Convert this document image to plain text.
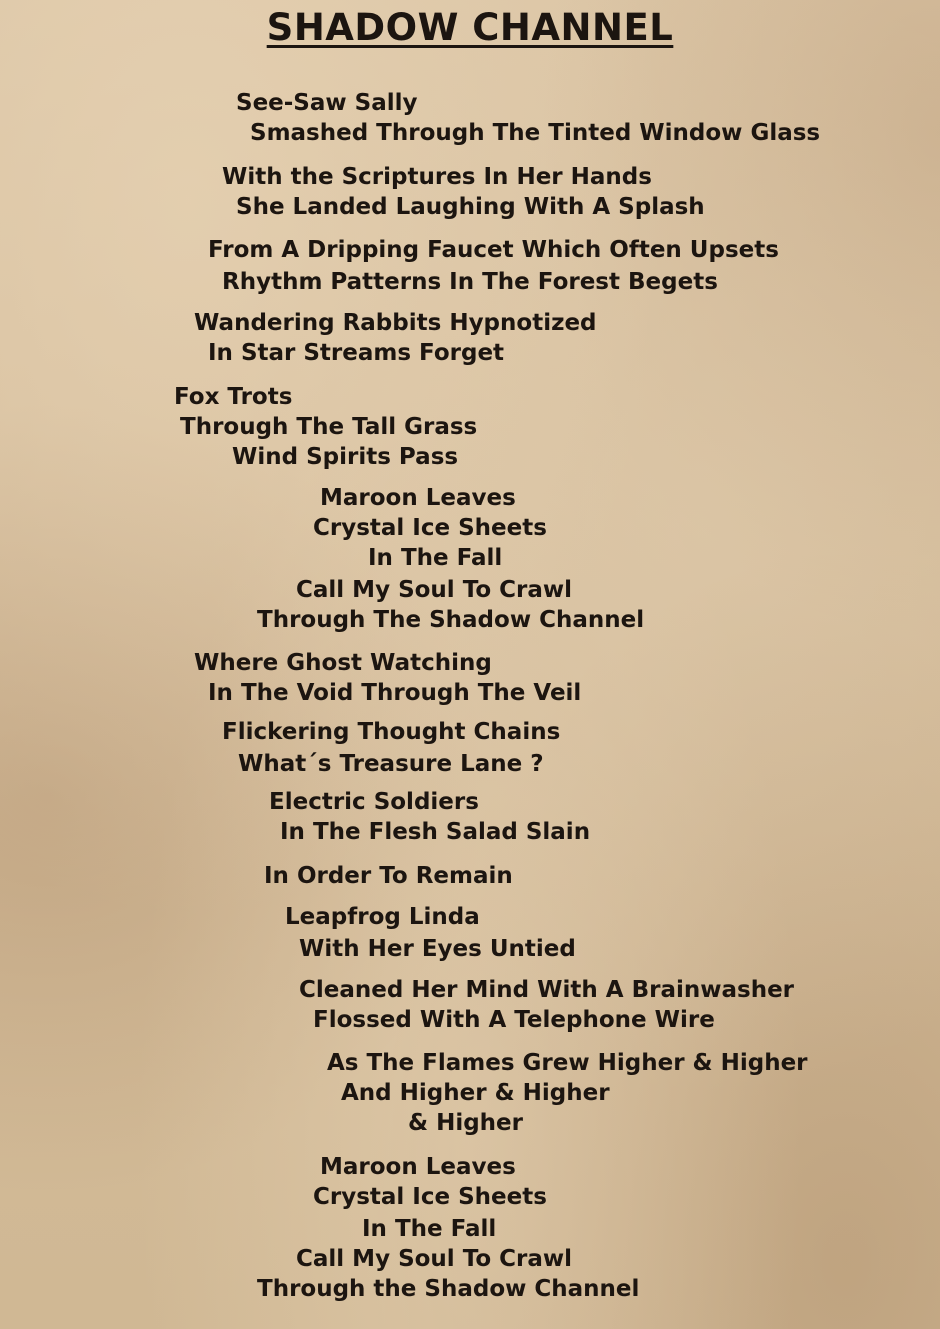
SHADOW CHANNEL
See-Saw Sally
Smashed Through The Tinted Window Glass
With the Scriptures In Her Hands
She Landed Laughing With A Splash
From A Dripping Faucet Which Often Upsets
Rhythm Patterns In The Forest Begets
Wandering Rabbits Hypnotized
In Star Streams Forget
Fox Trots
Through The Tall Grass
Wind Spirits Pass
Maroon Leaves
Crystal Ice Sheets
In The Fall
Call My Soul To Crawl
Through The Shadow Channel
Where Ghost Watching
In The Void Through The Veil
Flickering Thought Chains
What´s Treasure Lane ?
Electric Soldiers
In The Flesh Salad Slain
In Order To Remain
Leapfrog Linda
With Her Eyes Untied
Cleaned Her Mind With A Brainwasher
Flossed With A Telephone Wire
As The Flames Grew Higher & Higher
And Higher & Higher
& Higher
Maroon Leaves
Crystal Ice Sheets
In The Fall
Call My Soul To Crawl
Through the Shadow Channel
